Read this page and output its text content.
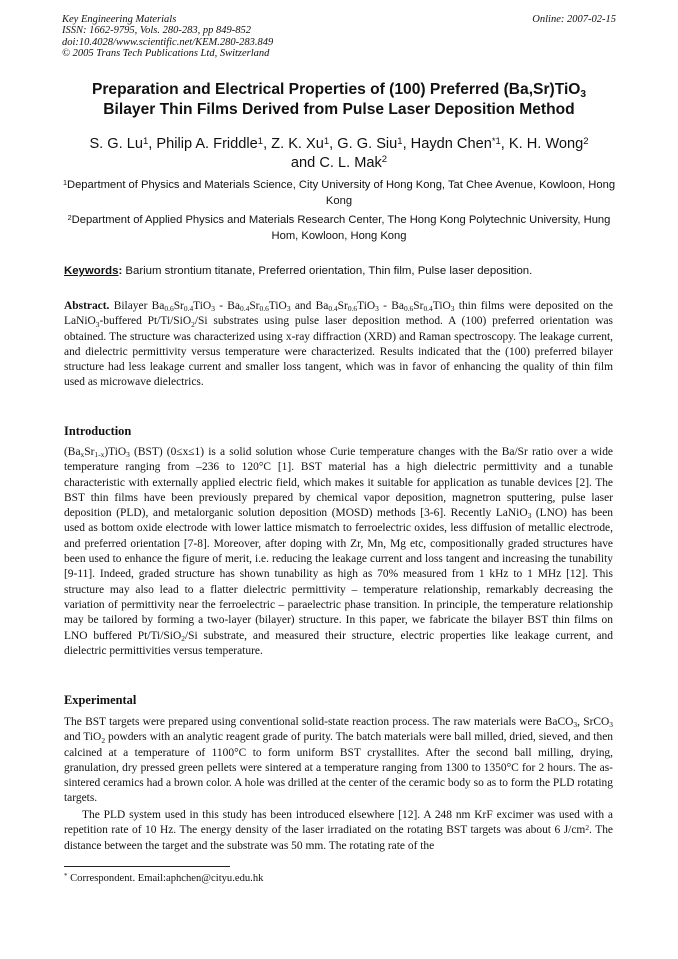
Key Engineering Materials
ISSN: 1662-9795, Vols. 280-283, pp 849-852
doi:10.4028/www.scientific.net/KEM.280-283.849
© 2005 Trans Tech Publications Ltd, Switzerland
Online: 2007-02-15
Preparation and Electrical Properties of (100) Preferred (Ba,Sr)TiO$_3$
Bilayer Thin Films Derived from Pulse Laser Deposition Method
S. G. Lu$^1$, Philip A. Friddle$^1$, Z. K. Xu$^1$, G. G. Siu$^1$, Haydn Chen$^{*1}$, K. H. Wong$^2$
and C. L. Mak$^2$
$^1$Department of Physics and Materials Science, City University of Hong Kong, Tat Chee Avenue, Kowloon, Hong Kong
$^2$Department of Applied Physics and Materials Research Center, The Hong Kong Polytechnic University, Hung Hom, Kowloon, Hong Kong
Keywords: Barium strontium titanate, Preferred orientation, Thin film, Pulse laser deposition.
Abstract. Bilayer $Ba_{0.6}Sr_{0.4}TiO_3 - Ba_{0.4}Sr_{0.6}TiO_3$ and $Ba_{0.4}Sr_{0.6}TiO_3 - Ba_{0.6}Sr_{0.4}TiO_3$ thin films were deposited on the LaNiO$_3$-buffered Pt/Ti/SiO$_2$/Si substrates using pulse laser deposition method. A (100) preferred orientation was obtained. The structure was characterized using x-ray diffraction (XRD) and Raman spectroscopy. The leakage current, and dielectric permittivity versus temperature were characterized. Results indicated that the (100) preferred bilayer structure had less leakage current and smaller loss tangent, which was in favor of enhancing the quality of thin film used as microwave dielectrics.
Introduction
$(Ba_xSr_{1-x})TiO_3$ (BST) (0≤x≤1) is a solid solution whose Curie temperature changes with the Ba/Sr ratio over a wide temperature ranging from –236 to 120°C [1]. BST material has a high dielectric permittivity and a tunable characteristic with externally applied electric field, which makes it suitable for application as tunable devices [2]. The BST thin films have been previously prepared by chemical vapor deposition, magnetron sputtering, pulse laser deposition (PLD), and metalorganic solution deposition (MOSD) methods [3-6]. Recently LaNiO$_3$ (LNO) has been used as bottom oxide electrode with lower lattice mismatch to ferroelectric oxides, less diffusion of metallic electrode, and preferred orientation [7-8]. Moreover, after doping with Zr, Mn, Mg etc, compositionally graded structures have been used to enhance the figure of merit, i.e. reducing the leakage current and loss tangent and increasing the tunability [9-11]. Indeed, graded structure has shown tunability as high as 70% measured from 1 kHz to 1 MHz [12]. This structure may also lead to a flatter dielectric permittivity – temperature relationship, remarkably decreasing the variation of permittivity near the ferroelectric – paraelectric phase transition. In principle, the temperature relationship may be tailored by forming a two-layer (bilayer) structure. In this paper, we fabricate the bilayer BST thin films on LNO buffered Pt/Ti/SiO$_2$/Si substrate, and measured their structure, electric properties like leakage current, and dielectric permittivities versus temperature.
Experimental
The BST targets were prepared using conventional solid-state reaction process. The raw materials were BaCO$_3$, SrCO$_3$ and TiO$_2$ powders with an analytic reagent grade of purity. The batch materials were ball milled, dried, sieved, and then calcined at a temperature of 1100°C to form uniform BST crystallites. After the second ball milling, drying, granulation, dry pressed green pellets were sintered at a temperature ranging from 1300 to 1350°C for 2 hours. The as-sintered ceramics had a brown color. A hole was drilled at the center of the ceramic body so as to form the PLD rotating targets.
The PLD system used in this study has been introduced elsewhere [12]. A 248 nm KrF excimer was used with a repetition rate of 10 Hz. The energy density of the laser irradiated on the rotating BST targets was about 6 $J/cm^2$. The distance between the target and the substrate was 50 mm. The rotating rate of the
* Correspondent. Email:aphchen@cityu.edu.hk
